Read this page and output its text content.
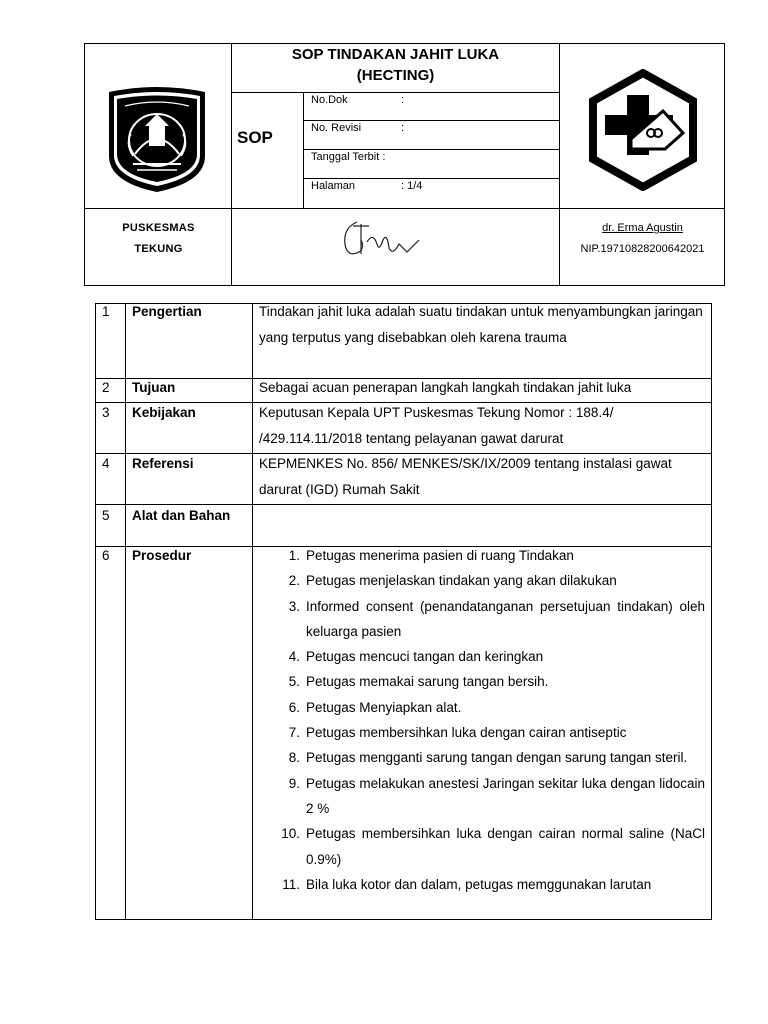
SOP TINDAKAN JAHIT LUKA
(HECTING)
SOP
No.Dok	:
No. Revisi	:
Tanggal Terbit :
Halaman	: 1/4
PUSKESMAS
TEKUNG
dr. Erma Agustin
NIP.19710828200642021
1 Pengertian	Tindakan jahit luka adalah suatu tindakan untuk menyambungkan jaringan yang terputus yang disebabkan oleh karena trauma
2 Tujuan	Sebagai acuan penerapan langkah langkah tindakan jahit luka
3 Kebijakan	Keputusan Kepala UPT Puskesmas Tekung Nomor : 188.4/ /429.114.11/2018 tentang pelayanan gawat darurat
4 Referensi	KEPMENKES No. 856/ MENKES/SK/IX/2009 tentang instalasi gawat darurat (IGD) Rumah Sakit
5 Alat dan Bahan
6 Prosedur	1. Petugas menerima pasien di ruang Tindakan
2. Petugas menjelaskan tindakan yang akan dilakukan
3. Informed consent (penandatanganan persetujuan tindakan) oleh keluarga pasien
4. Petugas mencuci tangan dan keringkan
5. Petugas memakai sarung tangan bersih.
6. Petugas Menyiapkan alat.
7. Petugas membersihkan luka dengan cairan antiseptic
8. Petugas mengganti sarung tangan dengan sarung tangan steril.
9. Petugas melakukan anestesi Jaringan sekitar luka dengan lidocain 2 %
10. Petugas membersihkan luka dengan cairan normal saline (NaCl 0.9%)
11. Bila luka kotor dan dalam, petugas memggunakan larutan
